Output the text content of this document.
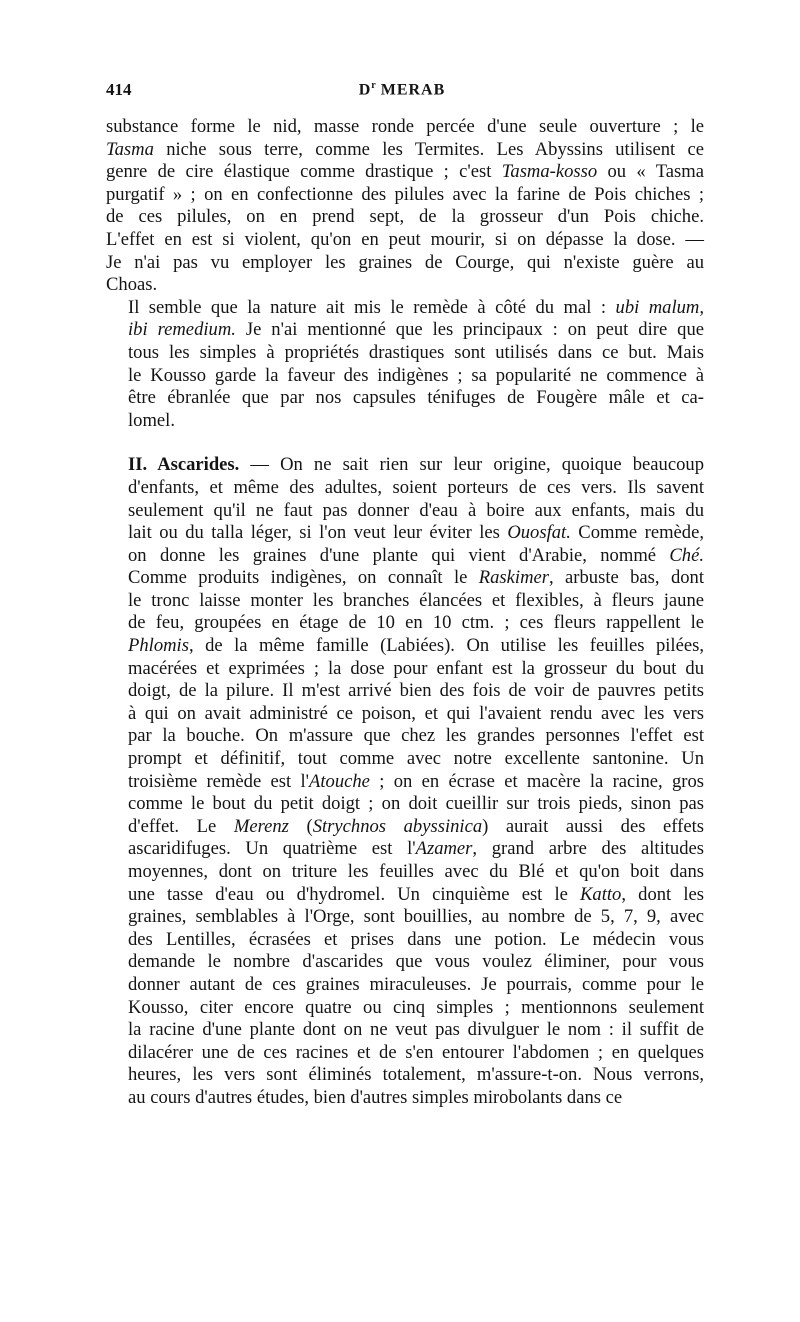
414	$D^r$ MERAB
substance forme le nid, masse ronde percée d'une seule ouverture ; le
Tasma niche sous terre, comme les Termites. Les Abyssins utilisent ce
genre de cire élastique comme drastique ; c'est Tasma-kosso ou « Tasma
purgatif » ; on en confectionne des pilules avec la farine de Pois chiches ;
de ces pilules, on en prend sept, de la grosseur d'un Pois chiche.
L'effet en est si violent, qu'on en peut mourir, si on dépasse la dose. —
Je n'ai pas vu employer les graines de Courge, qui n'existe guère au
Choas.
Il semble que la nature ait mis le remède à côté du mal : ubi malum,
ibi remedium. Je n'ai mentionné que les principaux : on peut dire que
tous les simples à propriétés drastiques sont utilisés dans ce but. Mais
le Kousso garde la faveur des indigènes ; sa popularité ne commence à
être ébranlée que par nos capsules ténifuges de Fougère mâle et ca-
lomel.
II. Ascarides. — On ne sait rien sur leur origine, quoique beaucoup
d'enfants, et même des adultes, soient porteurs de ces vers. Ils savent
seulement qu'il ne faut pas donner d'eau à boire aux enfants, mais du
lait ou du talla léger, si l'on veut leur éviter les Ouosfat. Comme remède,
on donne les graines d'une plante qui vient d'Arabie, nommé Ché.
Comme produits indigènes, on connaît le Raskimer, arbuste bas, dont
le tronc laisse monter les branches élancées et flexibles, à fleurs jaune
de feu, groupées en étage de 10 en 10 ctm. ; ces fleurs rappellent le
Phlomis, de la même famille (Labiées). On utilise les feuilles pilées,
macérées et exprimées ; la dose pour enfant est la grosseur du bout du
doigt, de la pilure. Il m'est arrivé bien des fois de voir de pauvres petits
à qui on avait administré ce poison, et qui l'avaient rendu avec les vers
par la bouche. On m'assure que chez les grandes personnes l'effet est
prompt et définitif, tout comme avec notre excellente santonine. Un
troisième remède est l'Atouche ; on en écrase et macère la racine, gros
comme le bout du petit doigt ; on doit cueillir sur trois pieds, sinon pas
d'effet. Le Merenz (Strychnos abyssinica) aurait aussi des effets
ascaridifuges. Un quatrième est l'Azamer, grand arbre des altitudes
moyennes, dont on triture les feuilles avec du Blé et qu'on boit dans
une tasse d'eau ou d'hydromel. Un cinquième est le Katto, dont les
graines, semblables à l'Orge, sont bouillies, au nombre de 5, 7, 9, avec
des Lentilles, écrasées et prises dans une potion. Le médecin vous
demande le nombre d'ascarides que vous voulez éliminer, pour vous
donner autant de ces graines miraculeuses. Je pourrais, comme pour le
Kousso, citer encore quatre ou cinq simples ; mentionnons seulement
la racine d'une plante dont on ne veut pas divulguer le nom : il suffit de
dilacérer une de ces racines et de s'en entourer l'abdomen ; en quelques
heures, les vers sont éliminés totalement, m'assure-t-on. Nous verrons,
au cours d'autres études, bien d'autres simples mirobolants dans ce
